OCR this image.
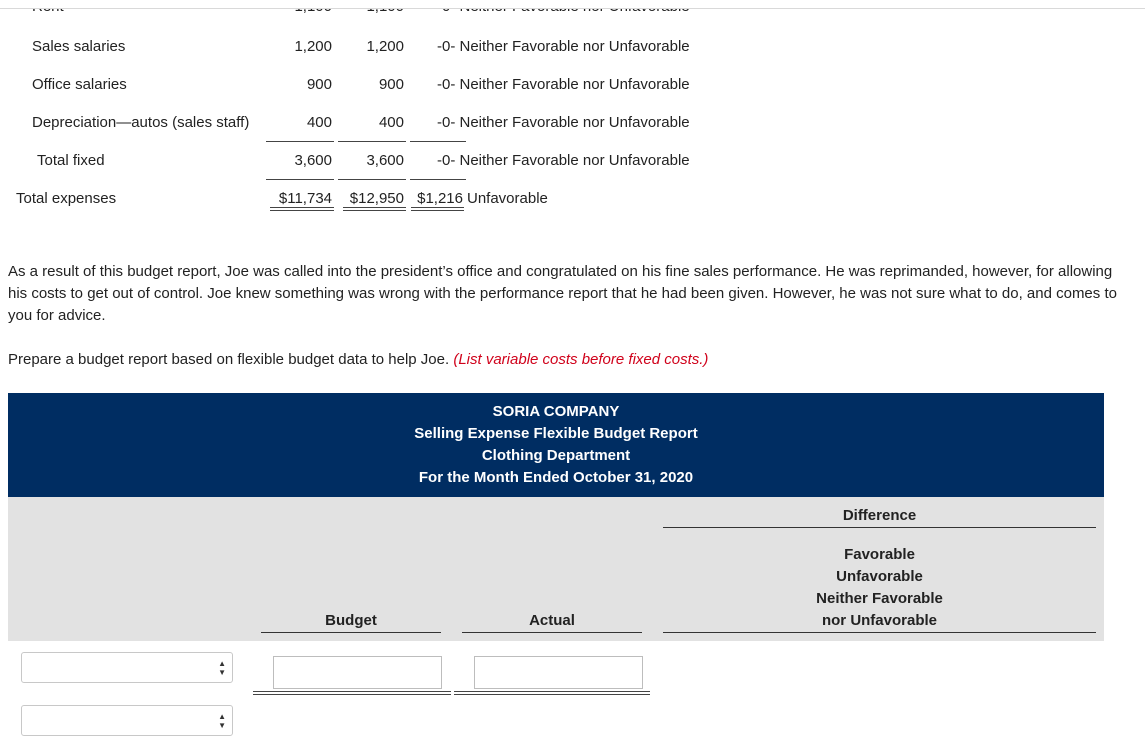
Sales salaries	1,200	1,200 -0- Neither Favorable nor Unfavorable
Office salaries	900	900 -0- Neither Favorable nor Unfavorable
Depreciation—autos (sales staff)	400	400 -0- Neither Favorable nor Unfavorable
Total fixed	3,600	3,600 -0- Neither Favorable nor Unfavorable
Total expenses	$11,734	$12,950 $1,216 Unfavorable
As a result of this budget report, Joe was called into the president’s office and congratulated on his fine sales performance. He was reprimanded, however, for allowing his costs to get out of control. Joe knew something was wrong with the performance report that he had been given. However, he was not sure what to do, and comes to you for advice.
Prepare a budget report based on flexible budget data to help Joe. (List variable costs before fixed costs.)
SORIA COMPANY
Selling Expense Flexible Budget Report
Clothing Department
For the Month Ended October 31, 2020
Difference
Favorable
Unfavorable
Neither Favorable
nor Unfavorable
Budget	Actual
▲
▼
▲
▼
